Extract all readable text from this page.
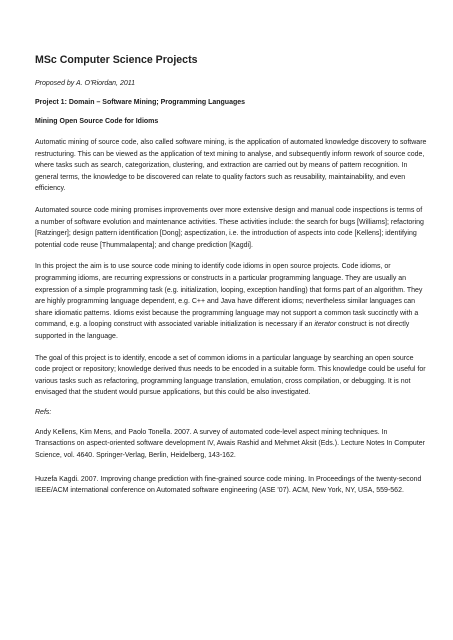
MSc Computer Science Projects
Proposed by A. O’Riordan, 2011
Project 1: Domain – Software Mining; Programming Languages
Mining Open Source Code for Idioms

Automatic mining of source code, also called software mining, is the application of automated knowledge discovery to software restructuring. This can be viewed as the application of text mining to analyse, and subsequently inform rework of source code, where tasks such as search, categorization, clustering, and extraction are carried out by means of pattern recognition. In general terms, the knowledge to be discovered can relate to quality factors such as reusability, maintainability, and even efficiency.

Automated source code mining promises improvements over more extensive design and manual code inspections is terms of a number of software evolution and maintenance activities. These activities include: the search for bugs [Williams]; refactoring [Ratzinger]; design pattern identification [Dong]; aspectization, i.e. the introduction of aspects into code [Kellens]; identifying potential code reuse [Thummalapenta]; and change prediction [Kagdi].

In this project the aim is to use source code mining to identify code idioms in open source projects. Code idioms, or programming idioms, are recurring expressions or constructs in a particular programming language. They are usually an expression of a simple programming task (e.g. initialization, looping, exception handling) that forms part of an algorithm. They are highly programming language dependent, e.g. C++ and Java have different idioms; nevertheless similar languages can share idiomatic patterns. Idioms exist because the programming language may not support a common task succinctly with a command, e.g. a looping construct with associated variable initialization is necessary if an iterator construct is not directly supported in the language.

The goal of this project is to identify, encode a set of common idioms in a particular language by searching an open source code project or repository; knowledge derived thus needs to be encoded in a suitable form. This knowledge could be useful for various tasks such as refactoring, programming language translation, emulation, cross compilation, or debugging. It is not envisaged that the student would pursue applications, but this could be also investigated.

Refs:

Andy Kellens, Kim Mens, and Paolo Tonella. 2007. A survey of automated code-level aspect mining techniques. In Transactions on aspect-oriented software development IV, Awais Rashid and Mehmet Aksit (Eds.). Lecture Notes In Computer Science, vol. 4640. Springer-Verlag, Berlin, Heidelberg, 143-162.

Huzefa Kagdi. 2007. Improving change prediction with fine-grained source code mining. In Proceedings of the twenty-second IEEE/ACM international conference on Automated software engineering (ASE '07). ACM, New York, NY, USA, 559-562.
